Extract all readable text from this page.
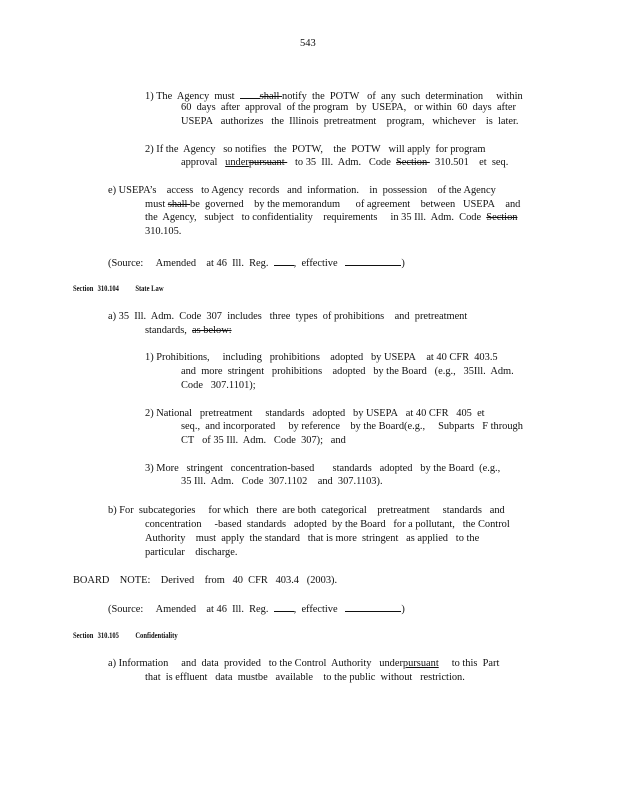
543

1) The  Agency  must  shall notify  the  POTW   of  any  such  determination     within

60  days  after  approval  of the program   by  USEPA,   or within  60  days  after

USEPA   authorizes   the  Illinois  pretreatment    program,   whichever    is  later.

2) If the  Agency   so notifies   the  POTW,    the  POTW   will apply  for program

approval   underpursuant    to 35  Ill.  Adm.   Code  Section   310.501    et  seq.

e) USEPA’s    access   to Agency  records   and  information.    in  possession    of the Agency

must shall be  governed    by the memorandum      of agreement    between   USEPA    and

the  Agency,   subject   to confidentiality    requirements     in 35 Ill.  Adm.  Code  Section

310.105.

(Source:     Amended    at 46  Ill.  Reg.  ,  effective	)

Section 310.104 State Law

a) 35  Ill.  Adm.  Code  307  includes   three  types  of prohibitions    and  pretreatment

standards,  as below:

1) Prohibitions,     including   prohibitions    adopted   by USEPA    at 40 CFR  403.5

and  more  stringent   prohibitions    adopted   by the Board   (e.g.,   35Ill.  Adm.

Code   307.1101);

2) National   pretreatment     standards   adopted   by USEPA   at 40 CFR   405  et

seq.,  and incorporated     by reference    by the Board(e.g.,     Subparts   F through

CT   of 35 Ill.  Adm.   Code  307);   and

3) More   stringent   concentration-based       standards   adopted   by the Board  (e.g.,

35 Ill.  Adm.   Code  307.1102    and  307.1103).

b) For  subcategories     for which   there  are both  categorical    pretreatment     standards   and

concentration     -based  standards   adopted  by the Board   for a pollutant,   the Control

Authority    must  apply  the standard   that is more  stringent   as applied   to the

particular    discharge.

BOARD    NOTE:    Derived    from   40  CFR   403.4   (2003).

(Source:     Amended    at 46  Ill.  Reg.  ,  effective	)

Section 310.105 Confidentiality

a) Information     and  data  provided   to the Control  Authority   underpursuant     to this  Part

that  is effluent   data  mustbe   available    to the public  without   restriction.
